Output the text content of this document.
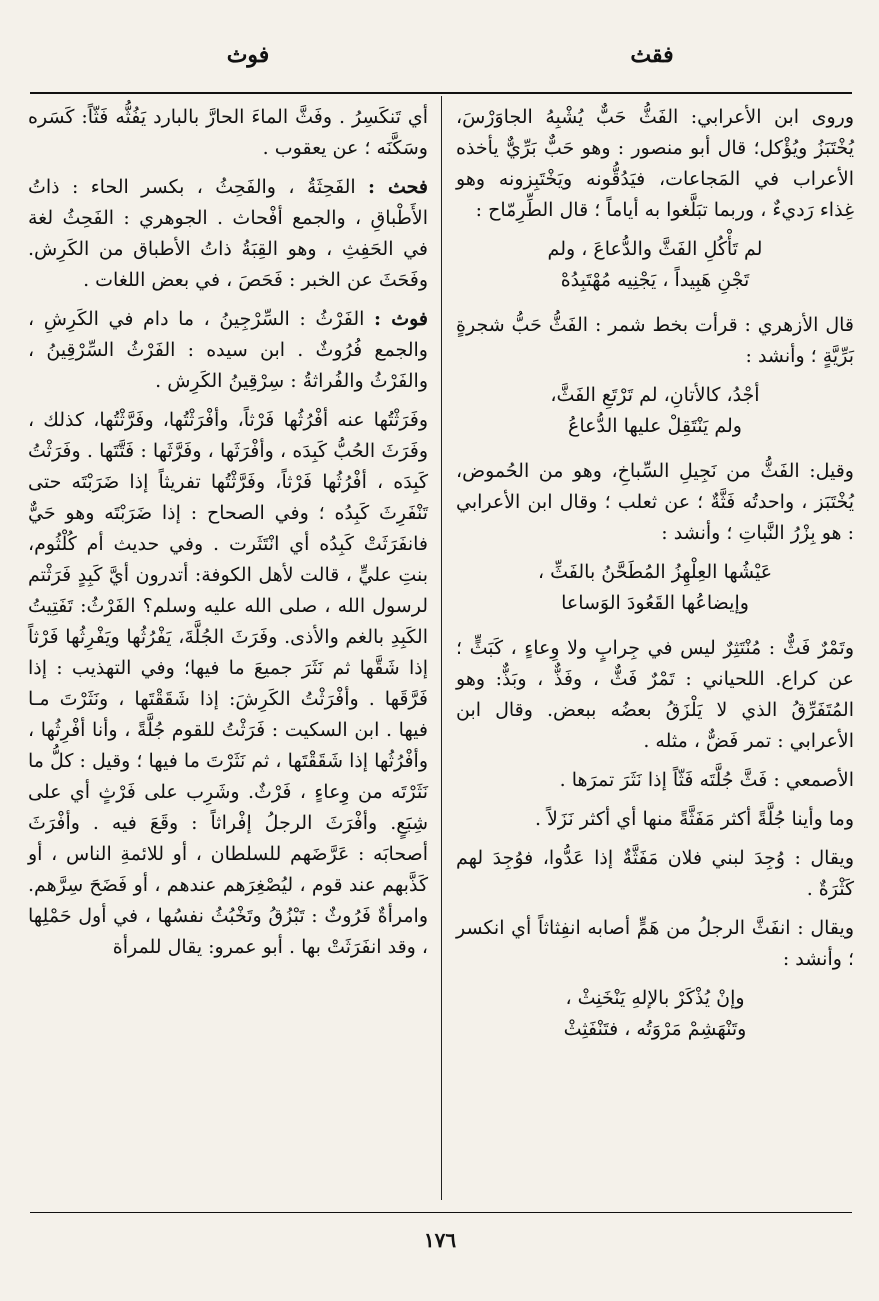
فقث
فوث

وروى ابن الأعرابي: الفَثُّ حَبٌّ يُشْبِهُ الجاوَرْسَ، يُخْتَبَزُ ويُؤْكل؛ قال أبو منصور : وهو حَبٌّ بَرِّيٌّ يأخذه الأعراب في المَجاعات، فيَدُقُّونه ويَخْتَبِزونه وهو غِذاء رَديءٌ ، وربما تبَلَّغوا به أياماً ؛ قال الطِّرِمّاح :

لم تَأْكُلِ الفَثَّ والدُّعاعَ ، ولم
تَجْنِ هَبِيداً ، يَجْنِيه مُهْتَبِدُهْ

قال الأزهري : قرأت بخط شمر : الفَثُّ حَبُّ شجرةٍ بَرِّيَّةٍ ؛ وأنشد :

أجْدُ، كالأتانِ، لم تَرْتَعِ الفَثَّ،
ولم يَنْتَقِلْ عليها الدُّعاعُ

وقيل: الفَثُّ من نَجِيلِ السِّباخِ، وهو من الحُموض، يُخْتَبَز ، واحدتُه فَثَّةٌ ؛ عن ثعلب ؛ وقال ابن الأعرابي : هو بِزْرُ النَّباتِ ؛ وأنشد :

عَيْشُها العِلْهِزُ المُطَحَّنُ بالفَثِّ ،
وإيضاعُها القَعُودَ الوَساعا

وتَمْرٌ فَثٌّ : مُنْتَثِرٌ ليس في جِرابٍ ولا وِعاءٍ ، كَبَثٍّ ؛ عن كراع. اللحياني : تَمْرٌ فَثٌّ ، وفَذٌّ ، وبَذٌّ: وهو المُتَفَرِّقُ الذي لا يَلْزَقُ بعضُه ببعض. وقال ابن الأعرابي : تمر فَضٌّ ، مثله .

الأصمعي : فَثَّ جُلَّتَه فَثّاً إذا نَثَرَ تمرَها .

وما وأينا جُلَّةً أكثر مَفَثَّةً منها أي أكثر نَزَلاً .

ويقال : وُجِدَ لبني فلان مَفَثَّةٌ إذا عَدُّوا، فوُجِدَ لهم كَثْرَةٌ .

ويقال : انفَثَّ الرجلُ من هَمٍّ أصابه انفِثاثاً أي انكسر ؛ وأنشد :

وإنْ يُذْكَرْ بالإلهِ يَنْخَنِثْ ،
وتَنْهَشِمْ مَرْوَتُه ، فتَنْفَثِثْ

أي تَنكَسِرُ . وفَثَّ الماءَ الحارَّ بالبارد يَفُثُّه فَثّاً: كَسَره وسَكَّنَه ؛ عن يعقوب .

فحث : الفَحِثَةُ ، والفَحِثُ ، بكسر الحاء : ذاتُ الأَطْباقِ ، والجمع أفْحاث . الجوهري : الفَحِثُ لغة في الحَفِثِ ، وهو القِبَةُ ذاتُ الأطباق من الكَرِش. وفَحَثَ عن الخبر : فَحَصَ ، في بعض اللغات .

فوث : الفَرْثُ : السِّرْجِينُ ، ما دام في الكَرِشِ ، والجمع فُرُوثٌ . ابن سيده : الفَرْثُ السِّرْقِينُ ، والفَرْثُ والفُراثةُ : سِرْقِينُ الكَرِش .

وفَرَثْتُها عنه أفْرُثُها فَرْثاً، وأفْرَثْتُها، وفَرَّثْتُها، كذلك ، وفَرَثَ الحُبُّ كَبِدَه ، وأفْرَثَها ، وفَرَّثَها : فَتَّتَها . وفَرَثْتُ كَبِدَه ، أفْرُثُها فَرْثاً، وفَرَّثْتُها تفريثاً إذا ضَرَبْتَه حتى تَنْفَرِثَ كَبِدُه ؛ وفي الصحاح : إذا ضَرَبْتَه وهو حَيٌّ فانفَرَثَتْ كَبِدُه أي انْتَثَرت . وفي حديث أم كُلْثُوم، بنتِ عليٍّ ، قالت لأهل الكوفة: أتدرون أيَّ كَبِدٍ فَرَثْتم لرسول الله ، صلى الله عليه وسلم؟ الفَرْثُ: تَفَتِيتُ الكَبِدِ بالغم والأذى. وفَرَثَ الجُلَّةَ، يَفْرُثُها ويَفْرِثُها فَرْثاً إذا شَقَّها ثم نَثَرَ جميعَ ما فيها؛ وفي التهذيب : إذا فَرَّقَها . وأفْرَثْتُ الكَرِشَ: إذا شَقَقْتَها ، ونَثَرْتَ مـا فيها . ابن السكيت : فَرَثْتُ للقوم جُلَّةً ، وأنا أفْرِثُها ، وأفْرُثُها إذا شَقَقْتَها ، ثم نَثَرْتَ ما فيها ؛ وقيل : كلُّ ما نَثَرْتَه من وِعاءٍ ، فَرْثٌ. وشَرِب على فَرْثٍ أي على شِبَعٍ. وأفْرَثَ الرجلُ إفْراثاً : وقَعَ فيه . وأفْرَثَ أصحابَه : عَرَّضَهم للسلطان ، أو للائمةِ الناس ، أو كَذَّبهم عند قوم ، ليُصْغِرَهم عندهم ، أو فَضَحَ سِرَّهم. وامرأةٌ فَرُوثٌ : تَبْزُقُ وتَخْبُثُ نفسُها ، في أول حَمْلِها ، وقد انفَرَثَتْ بها . أبو عمرو: يقال للمرأة

١٧٦
